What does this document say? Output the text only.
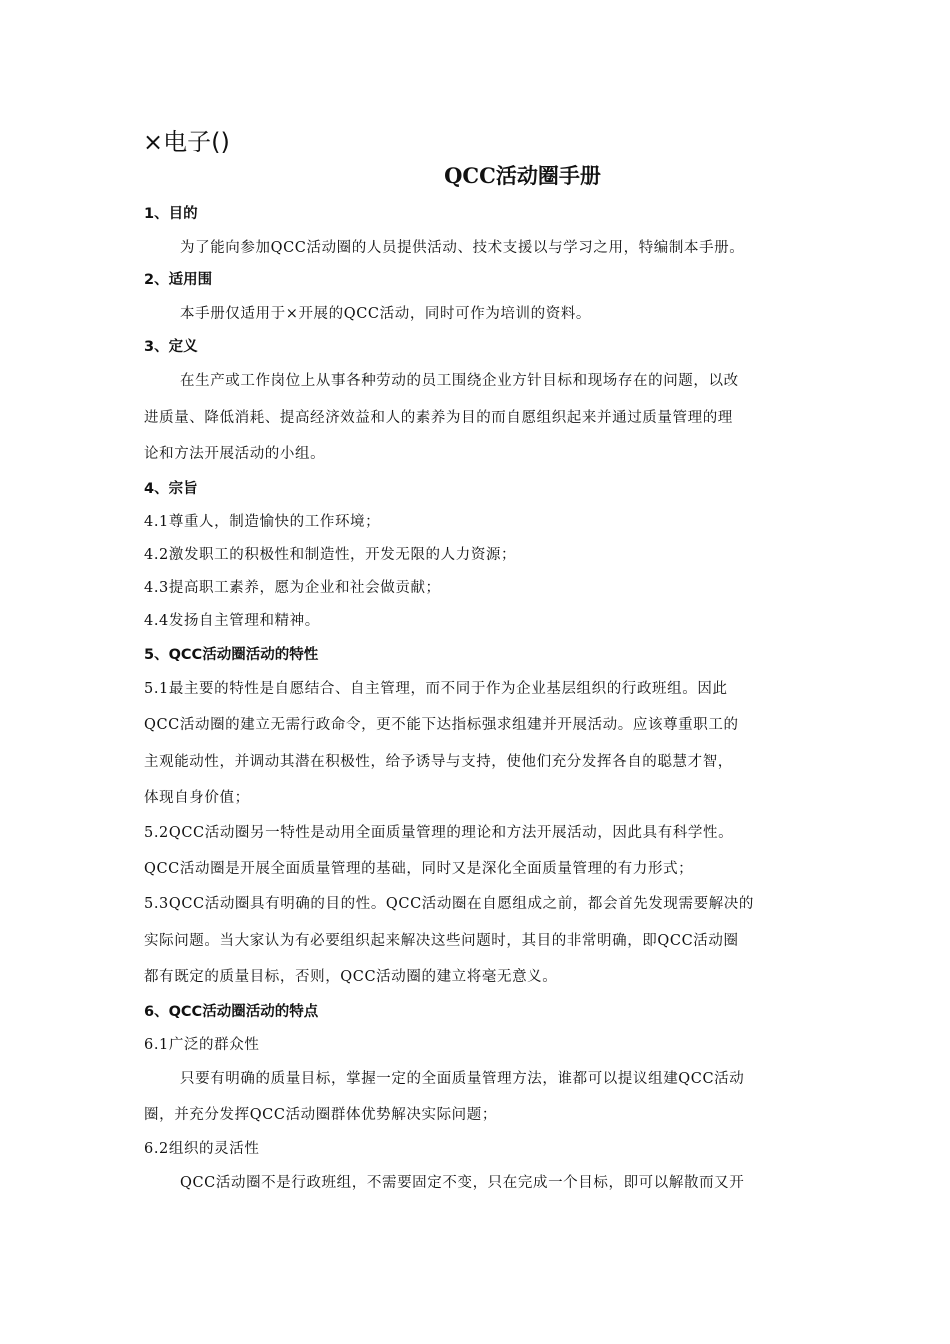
×电子()
QCC活动圈手册
1、目的
为了能向参加QCC活动圈的人员提供活动、技术支援以与学习之用，特编制本手册。
2、适用围
本手册仅适用于×开展的QCC活动，同时可作为培训的资料。
3、定义
在生产或工作岗位上从事各种劳动的员工围绕企业方针目标和现场存在的问题，以改
进质量、降低消耗、提高经济效益和人的素养为目的而自愿组织起来并通过质量管理的理
论和方法开展活动的小组。
4、宗旨
4.1尊重人，制造愉快的工作环境；
4.2激发职工的积极性和制造性，开发无限的人力资源；
4.3提高职工素养，愿为企业和社会做贡献；
4.4发扬自主管理和精神。
5、QCC活动圈活动的特性
5.1最主要的特性是自愿结合、自主管理，而不同于作为企业基层组织的行政班组。因此
QCC活动圈的建立无需行政命令，更不能下达指标强求组建并开展活动。应该尊重职工的
主观能动性，并调动其潜在积极性，给予诱导与支持，使他们充分发挥各自的聪慧才智，
体现自身价值；
5.2QCC活动圈另一特性是动用全面质量管理的理论和方法开展活动，因此具有科学性。
QCC活动圈是开展全面质量管理的基础，同时又是深化全面质量管理的有力形式；
5.3QCC活动圈具有明确的目的性。QCC活动圈在自愿组成之前，都会首先发现需要解决的
实际问题。当大家认为有必要组织起来解决这些问题时，其目的非常明确，即QCC活动圈
都有既定的质量目标，否则，QCC活动圈的建立将毫无意义。
6、QCC活动圈活动的特点
6.1广泛的群众性
只要有明确的质量目标，掌握一定的全面质量管理方法，谁都可以提议组建QCC活动
圈，并充分发挥QCC活动圈群体优势解决实际问题；
6.2组织的灵活性
QCC活动圈不是行政班组，不需要固定不变，只在完成一个目标，即可以解散而又开
